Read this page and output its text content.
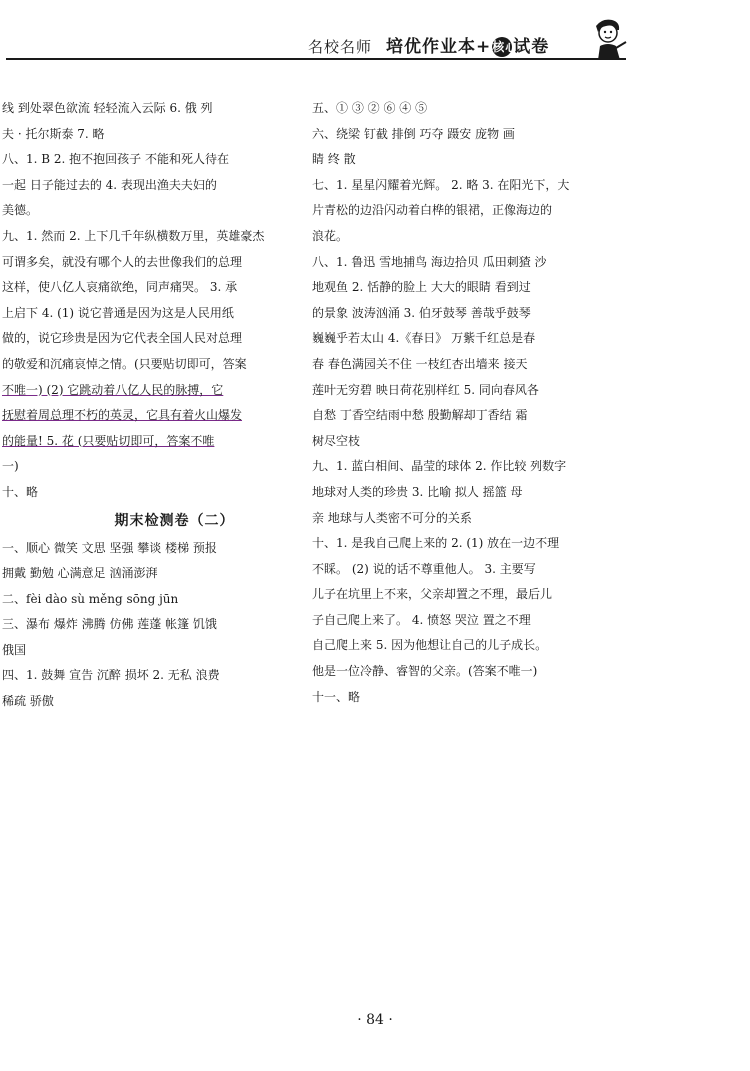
名校名师 培优作业本+核心试卷
线 到处翠色欲流 轻轻流入云际 6. 俄 列
夫 · 托尔斯泰 7. 略
八、1. B 2. 抱不抱回孩子 不能和死人待在
一起 日子能过去的 4. 表现出渔夫夫妇的
美德。
九、1. 然而 2. 上下几千年纵横数万里，英雄豪杰
可谓多矣，就没有哪个人的去世像我们的总理
这样，使八亿人哀痛欲绝，同声痛哭。 3. 承
上启下 4. (1) 说它普通是因为这是人民用纸
做的，说它珍贵是因为它代表全国人民对总理
的敬爱和沉痛哀悼之情。(只要贴切即可，答案
不唯一) (2) 它跳动着八亿人民的脉搏，它
抚慰着周总理不朽的英灵，它具有着火山爆发
的能量! 5. 花 (只要贴切即可，答案不唯
一)
十、略
期末检测卷（二）
一、顺心 微笑 文思 坚强 攀谈 楼梯 预报
拥戴 勤勉 心满意足 汹涌澎湃
二、fèi dào sù měng sōng jūn
三、瀑布 爆炸 沸腾 仿佛 莲蓬 帐篷 饥饿
俄国
四、1. 鼓舞 宣告 沉醉 损坏 2. 无私 浪费
稀疏 骄傲
五、① ③ ② ⑥ ④ ⑤
六、绕梁 钉截 排倒 巧夺 蹑安 庞物 画
睛 终 散
七、1. 星星闪耀着光辉。 2. 略 3. 在阳光下，大
片青松的边沿闪动着白桦的银裙，正像海边的
浪花。
八、1. 鲁迅 雪地捕鸟 海边拾贝 瓜田刺猹 沙
地观鱼 2. 恬静的脸上 大大的眼睛 看到过
的景象 波涛汹涌 3. 伯牙鼓琴 善哉乎鼓琴
巍巍乎若太山 4.《春日》 万紫千红总是春
春 春色满园关不住 一枝红杏出墙来 接天
莲叶无穷碧 映日荷花别样红 5. 同向春风各
自愁 丁香空结雨中愁 殷勤解却丁香结 霜
树尽空枝
九、1. 蓝白相间、晶莹的球体 2. 作比较 列数字
地球对人类的珍贵 3. 比喻 拟人 摇篮 母
亲 地球与人类密不可分的关系
十、1. 是我自己爬上来的 2. (1) 放在一边不理
不睬。 (2) 说的话不尊重他人。 3. 主要写
儿子在坑里上不来，父亲却置之不理，最后儿
子自己爬上来了。 4. 愤怒 哭泣 置之不理
自己爬上来 5. 因为他想让自己的儿子成长。
他是一位冷静、睿智的父亲。(答案不唯一)
十一、略
· 84 ·
